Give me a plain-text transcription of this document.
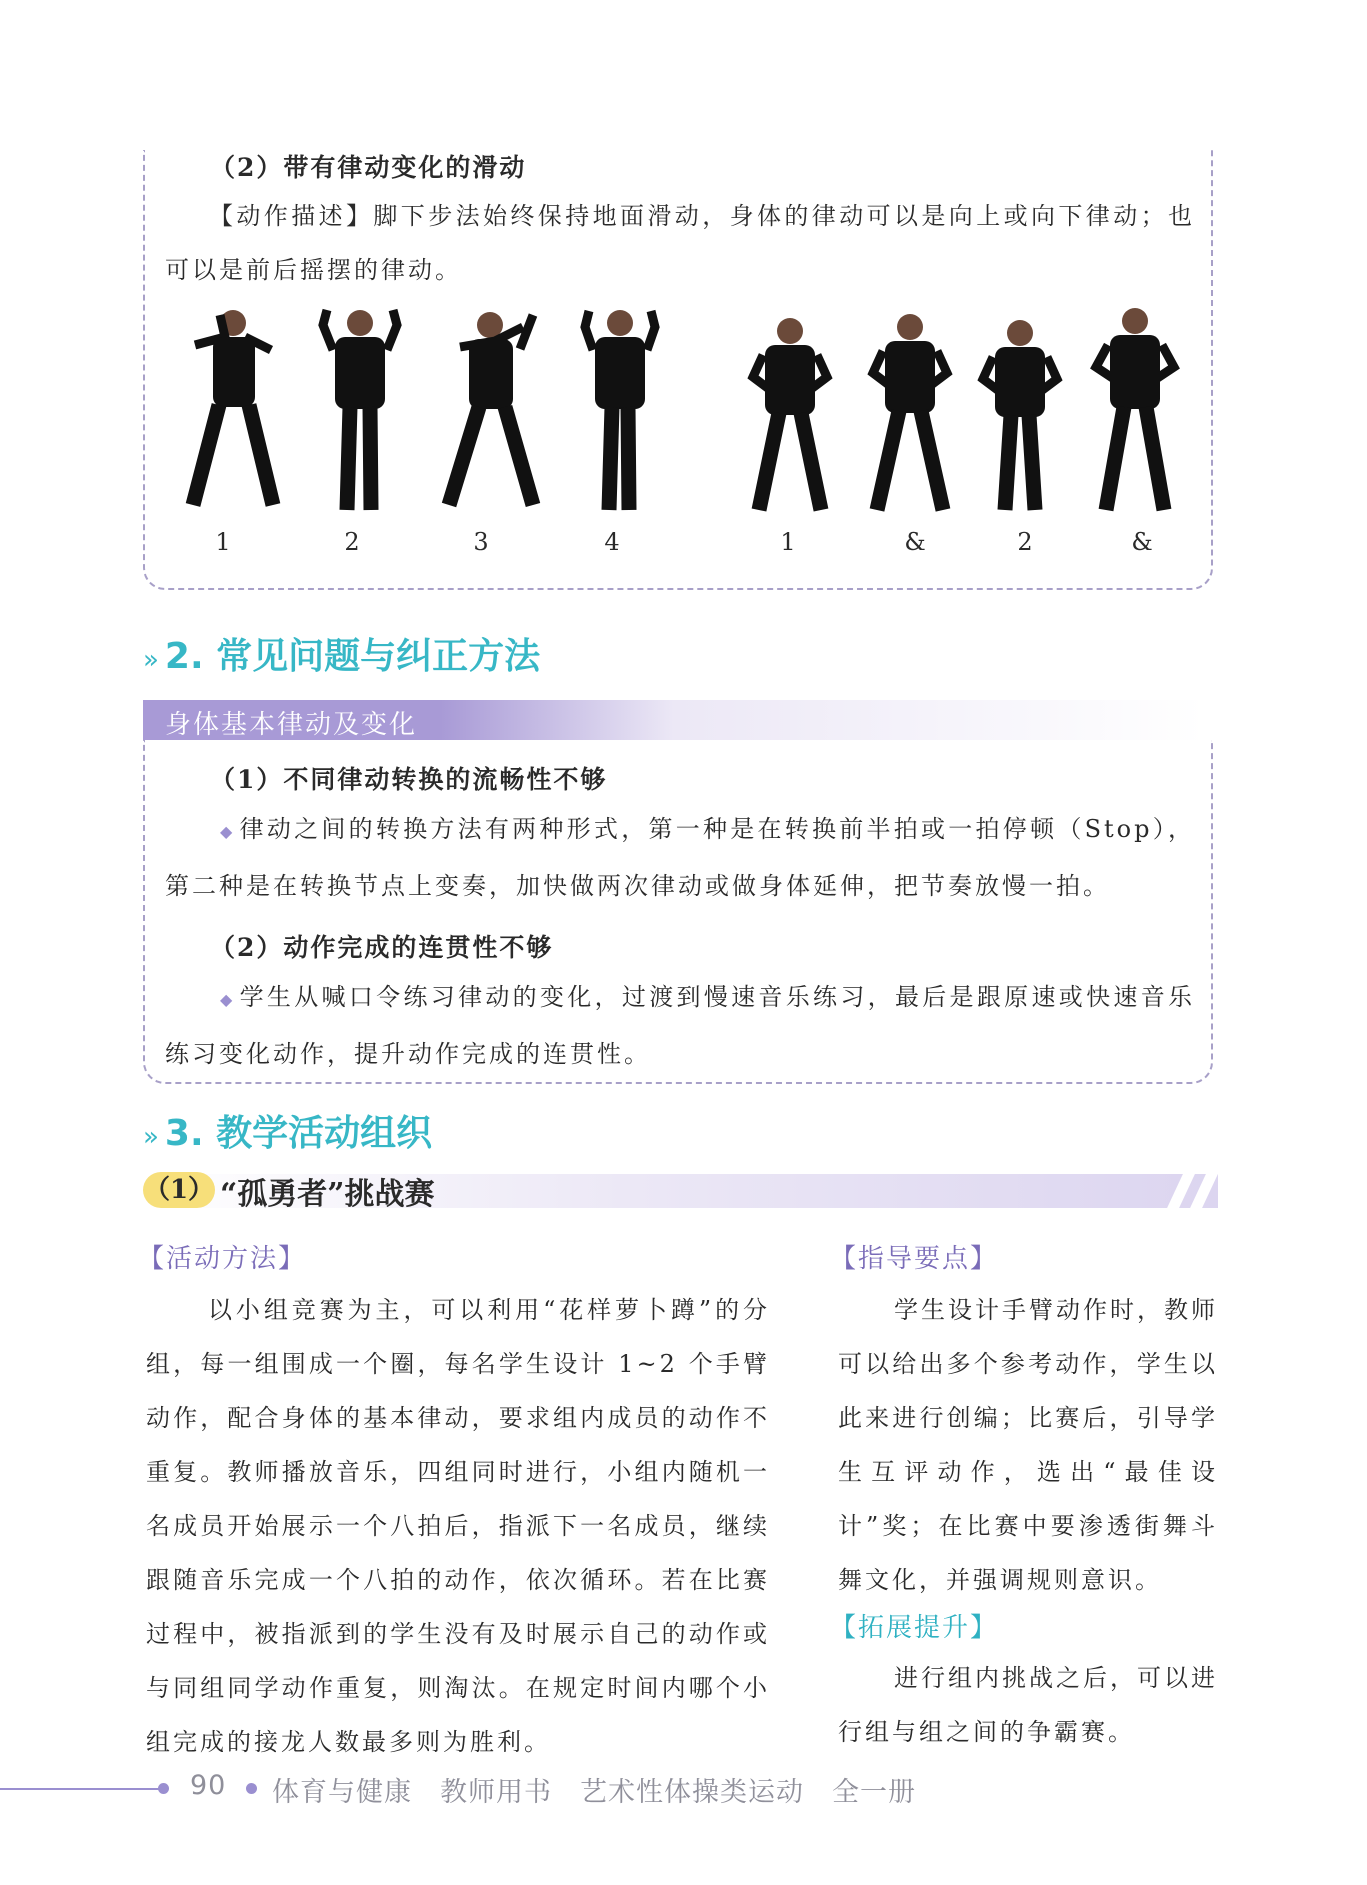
（2）带有律动变化的滑动
【动作描述】脚下步法始终保持地面滑动，身体的律动可以是向上或向下律动；也可以是前后摇摆的律动。
1	2	3	4	1	&	2	&
» 2. 常见问题与纠正方法
身体基本律动及变化
（1）不同律动转换的流畅性不够
◆ 律动之间的转换方法有两种形式，第一种是在转换前半拍或一拍停顿（Stop），第二种是在转换节点上变奏，加快做两次律动或做身体延伸，把节奏放慢一拍。
（2）动作完成的连贯性不够
◆ 学生从喊口令练习律动的变化，过渡到慢速音乐练习，最后是跟原速或快速音乐练习变化动作，提升动作完成的连贯性。
» 3. 教学活动组织
（1） “孤勇者”挑战赛
【活动方法】
以小组竞赛为主，可以利用“花样萝卜蹲”的分组，每一组围成一个圈，每名学生设计 1~2 个手臂动作，配合身体的基本律动，要求组内成员的动作不重复。教师播放音乐，四组同时进行，小组内随机一名成员开始展示一个八拍后，指派下一名成员，继续跟随音乐完成一个八拍的动作，依次循环。若在比赛过程中，被指派到的学生没有及时展示自己的动作或与同组同学动作重复，则淘汰。在规定时间内哪个小组完成的接龙人数最多则为胜利。
【指导要点】
学生设计手臂动作时，教师可以给出多个参考动作，学生以此来进行创编；比赛后，引导学生互评动作，选出“最佳设计”奖；在比赛中要渗透街舞斗舞文化，并强调规则意识。
【拓展提升】
进行组内挑战之后，可以进行组与组之间的争霸赛。
90 体育与健康　教师用书　艺术性体操类运动　全一册
